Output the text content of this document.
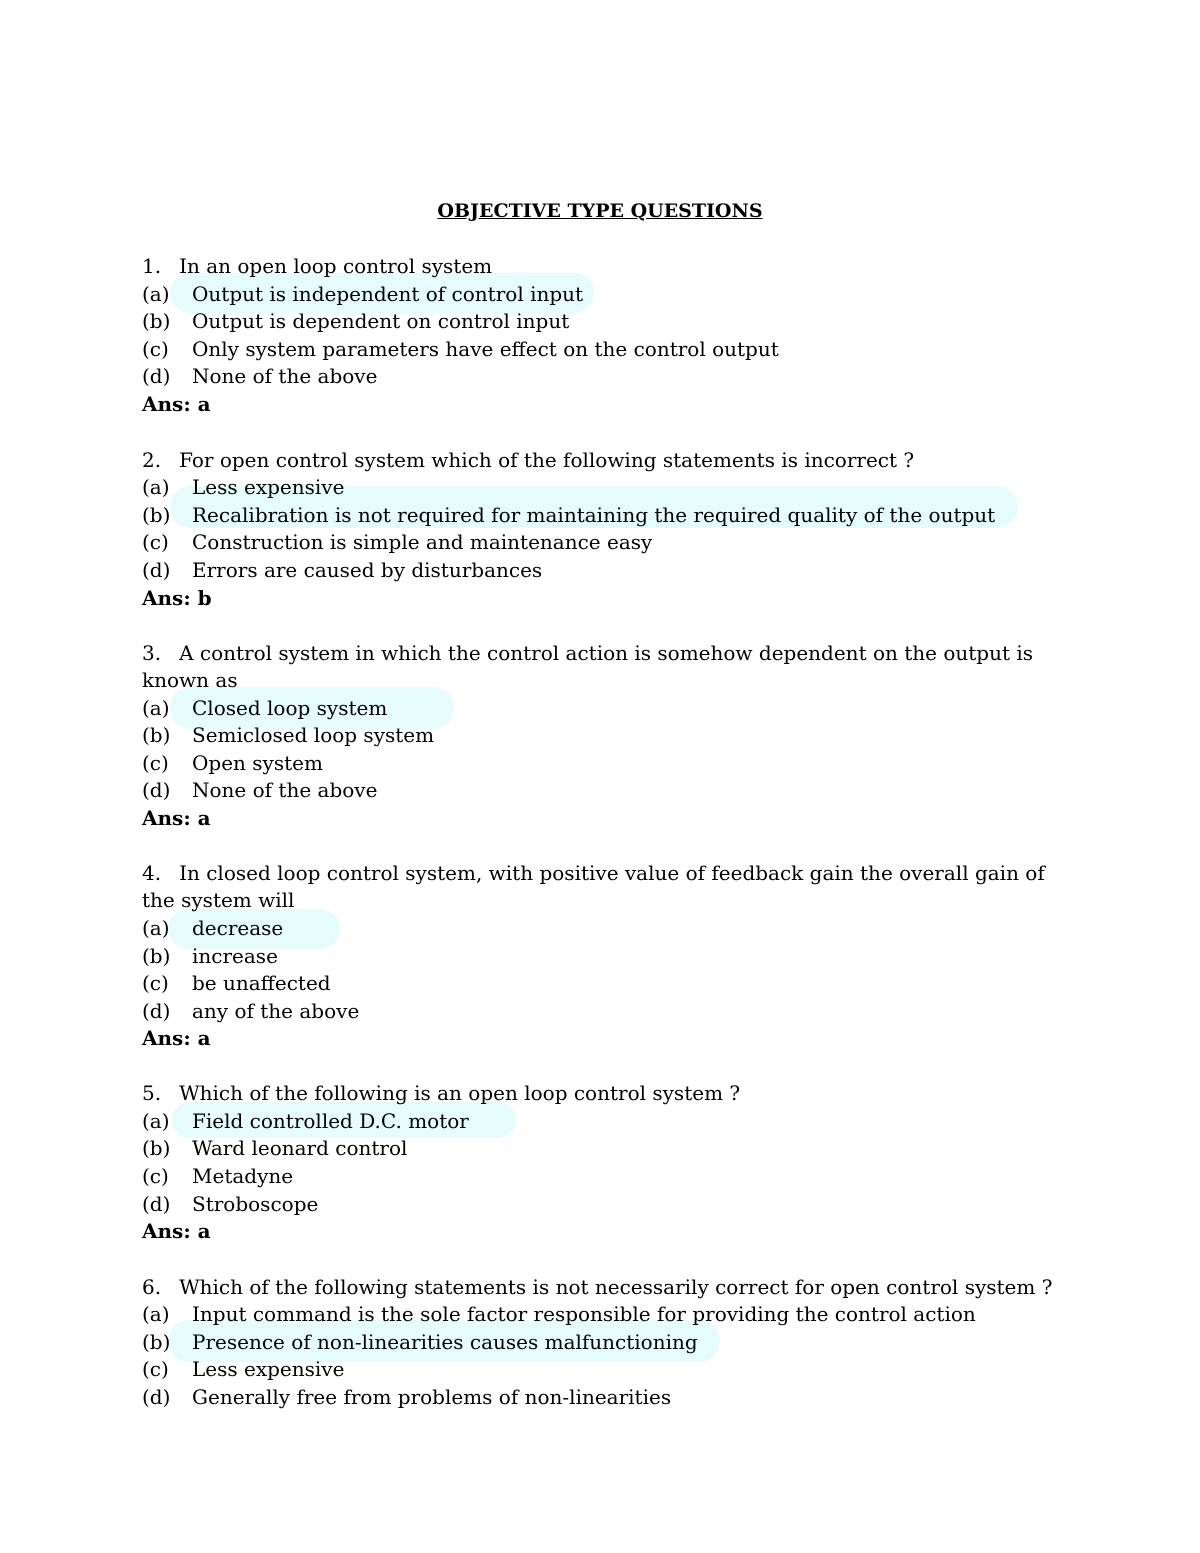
OBJECTIVE TYPE QUESTIONS
1. In an open loop control system
(a) Output is independent of control input
(b) Output is dependent on control input
(c) Only system parameters have effect on the control output
(d) None of the above
Ans: a
2. For open control system which of the following statements is incorrect ?
(a) Less expensive
(b) Recalibration is not required for maintaining the required quality of the output
(c) Construction is simple and maintenance easy
(d) Errors are caused by disturbances
Ans: b
3. A control system in which the control action is somehow dependent on the output is
known as
(a) Closed loop system
(b) Semiclosed loop system
(c) Open system
(d) None of the above
Ans: a
4. In closed loop control system, with positive value of feedback gain the overall gain of
the system will
(a) decrease
(b) increase
(c) be unaffected
(d) any of the above
Ans: a
5. Which of the following is an open loop control system ?
(a) Field controlled D.C. motor
(b) Ward leonard control
(c) Metadyne
(d) Stroboscope
Ans: a
6. Which of the following statements is not necessarily correct for open control system ?
(a) Input command is the sole factor responsible for providing the control action
(b) Presence of non-linearities causes malfunctioning
(c) Less expensive
(d) Generally free from problems of non-linearities
